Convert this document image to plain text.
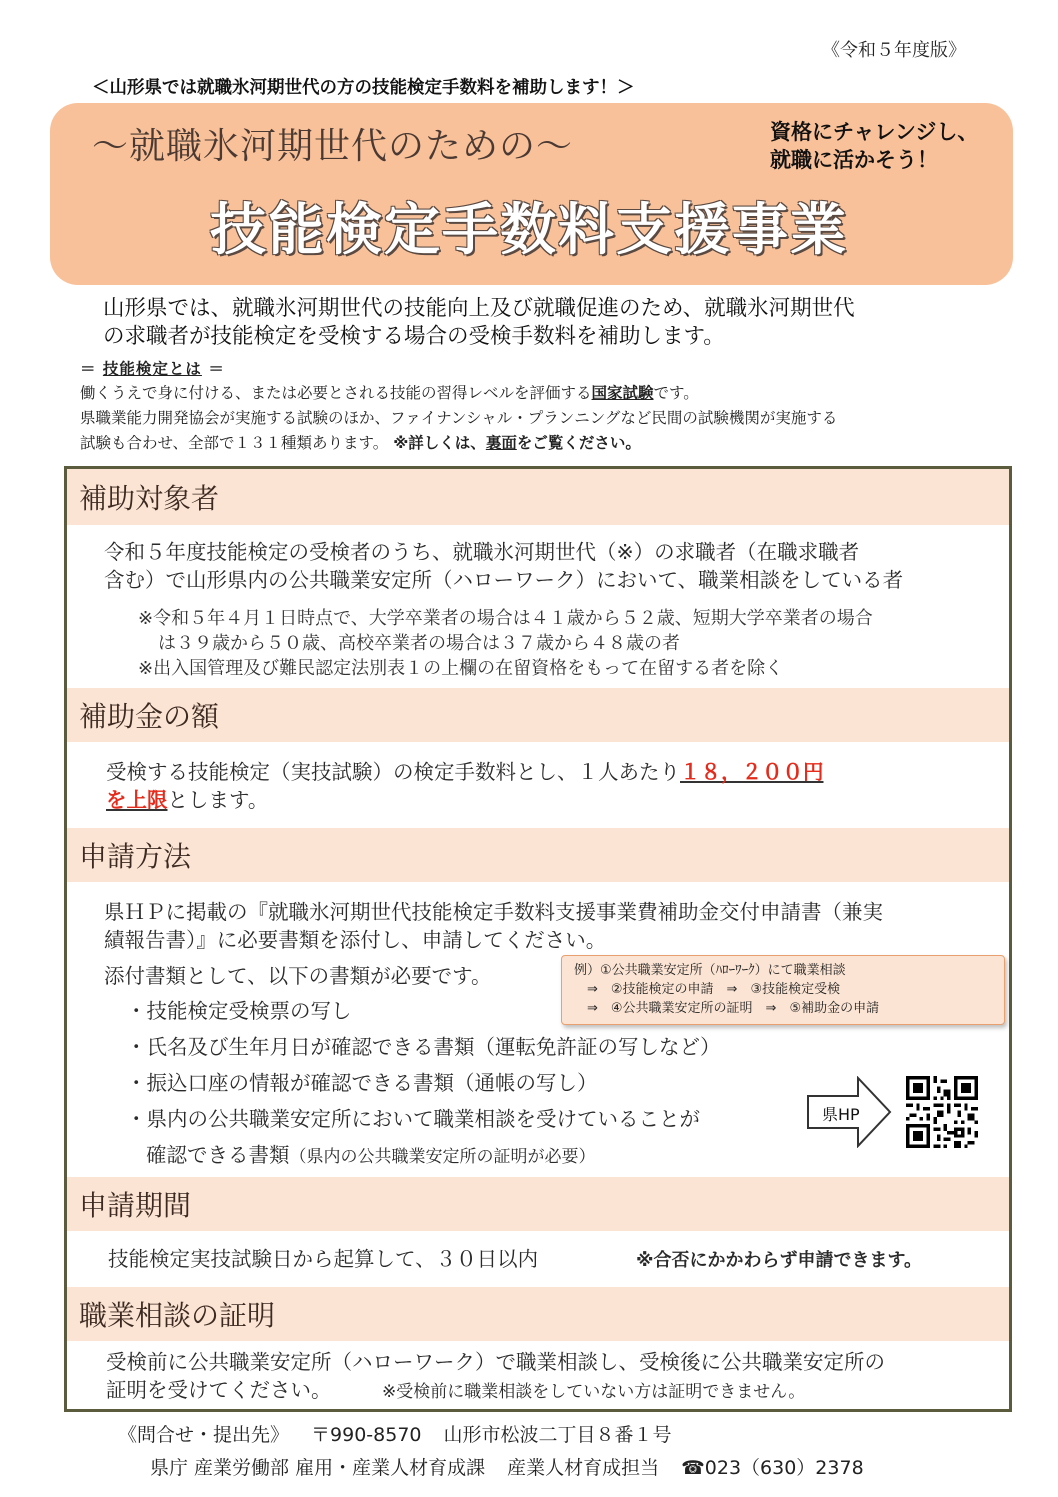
《令和５年度版》
＜山形県では就職氷河期世代の方の技能検定手数料を補助します！＞
〜就職氷河期世代のための〜	資格にチャレンジし、
就職に活かそう！
技能検定手数料支援事業
山形県では、就職氷河期世代の技能向上及び就職促進のため、就職氷河期世代
の求職者が技能検定を受検する場合の受検手数料を補助します。
＝ 技能検定とは ＝
働くうえで身に付ける、または必要とされる技能の習得レベルを評価する国家試験です。
県職業能力開発協会が実施する試験のほか、ファイナンシャル・プランニングなど民間の試験機関が実施する
試験も合わせ、全部で１３１種類あります。 ※詳しくは、裏面をご覧ください。
補助対象者
令和５年度技能検定の受検者のうち、就職氷河期世代（※）の求職者（在職求職者
含む）で山形県内の公共職業安定所（ハローワーク）において、職業相談をしている者
※令和５年４月１日時点で、大学卒業者の場合は４１歳から５２歳、短期大学卒業者の場合
は３９歳から５０歳、高校卒業者の場合は３７歳から４８歳の者
※出入国管理及び難民認定法別表１の上欄の在留資格をもって在留する者を除く
補助金の額
受検する技能検定（実技試験）の検定手数料とし、１人あたり１８，２００円
を上限とします。
申請方法
県ＨＰに掲載の『就職氷河期世代技能検定手数料支援事業費補助金交付申請書（兼実
績報告書）』に必要書類を添付し、申請してください。
添付書類として、以下の書類が必要です。
・技能検定受検票の写し
・氏名及び生年月日が確認できる書類（運転免許証の写しなど）
・振込口座の情報が確認できる書類（通帳の写し）
・県内の公共職業安定所において職業相談を受けていることが
確認できる書類（県内の公共職業安定所の証明が必要）
例）①公共職業安定所（ﾊﾛｰﾜｰｸ）にて職業相談
　⇒　②技能検定の申請　⇒　③技能検定受検
　⇒　④公共職業安定所の証明　⇒　⑤補助金の申請
県HP
申請期間
技能検定実技試験日から起算して、３０日以内	※合否にかかわらず申請できます。
職業相談の証明
受検前に公共職業安定所（ハローワーク）で職業相談し、受検後に公共職業安定所の
証明を受けてください。	※受検前に職業相談をしていない方は証明できません。
《問合せ・提出先》 〒990-8570 山形市松波二丁目８番１号
県庁 産業労働部 雇用・産業人材育成課 産業人材育成担当 ☎023（630）2378
